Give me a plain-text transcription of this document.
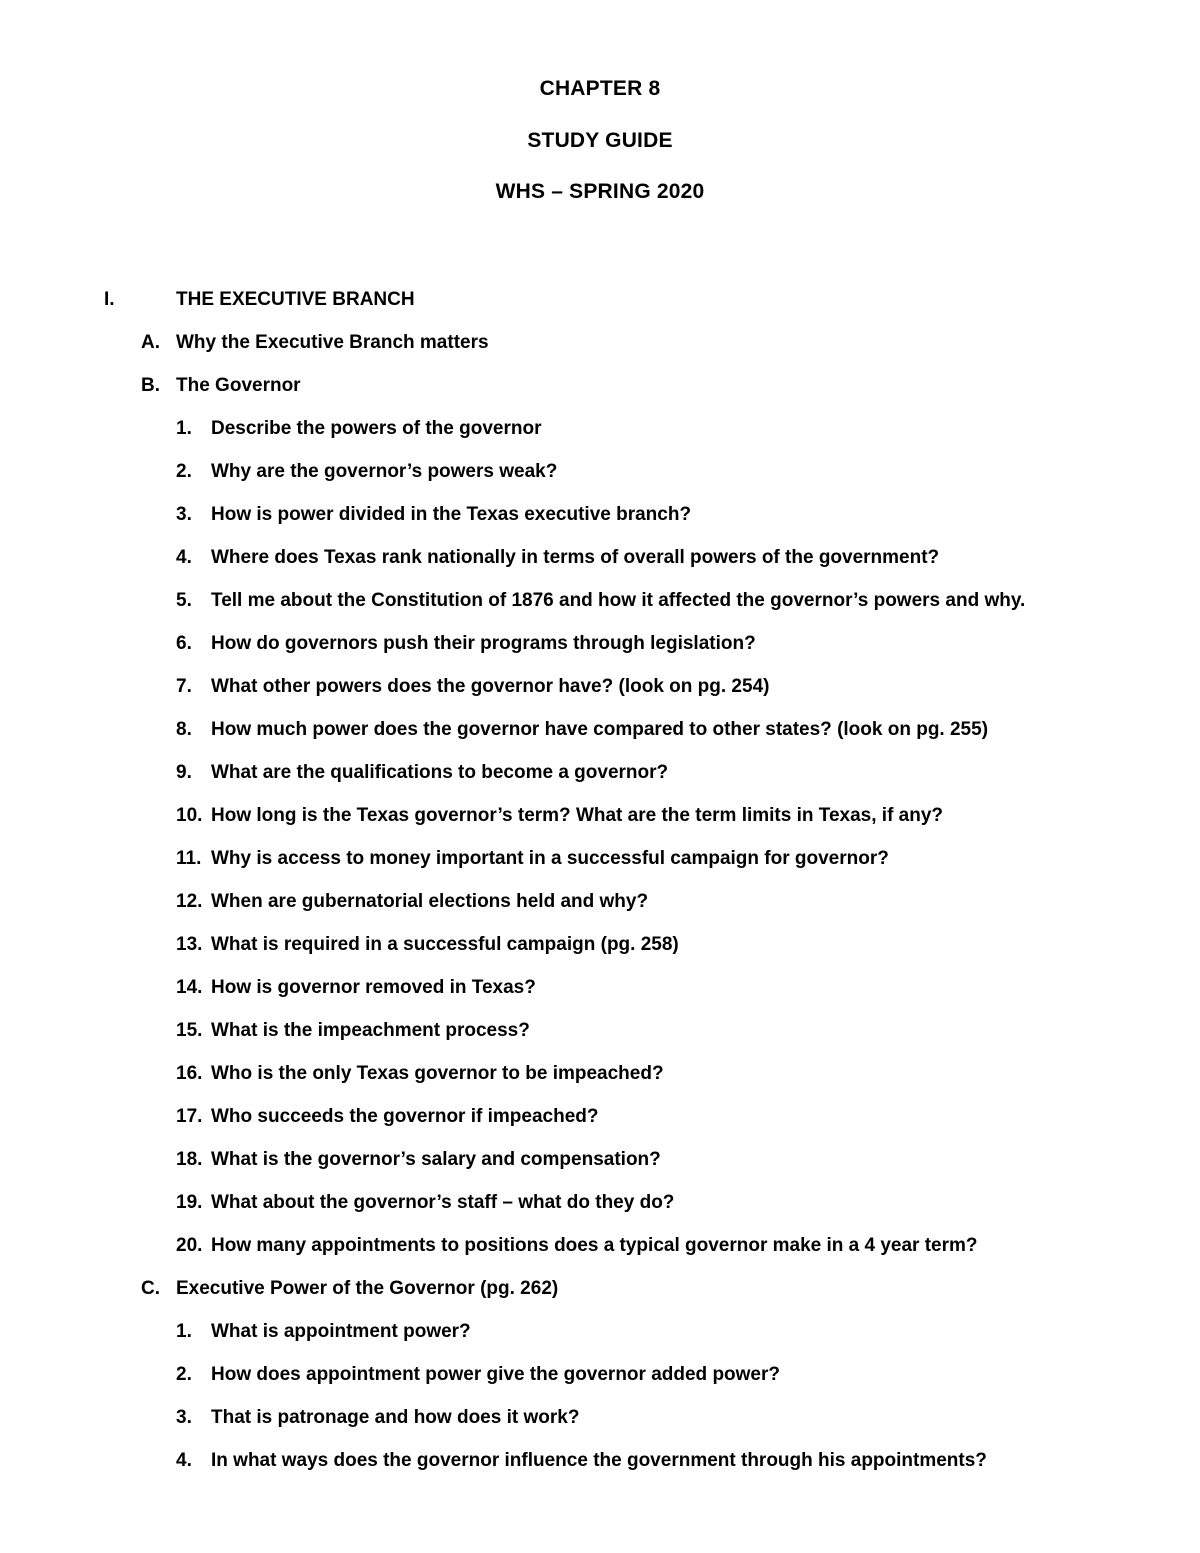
CHAPTER 8
STUDY GUIDE
WHS – SPRING 2020
I.	THE EXECUTIVE BRANCH
A. Why the Executive Branch matters
B. The Governor
1. Describe the powers of the governor
2. Why are the governor’s powers weak?
3. How is power divided in the Texas executive branch?
4. Where does Texas rank nationally in terms of overall powers of the government?
5. Tell me about the Constitution of 1876 and how it affected the governor’s powers and why.
6. How do governors push their programs through legislation?
7. What other powers does the governor have? (look on pg. 254)
8. How much power does the governor have compared to other states? (look on pg. 255)
9. What are the qualifications to become a governor?
10. How long is the Texas governor’s term? What are the term limits in Texas, if any?
11. Why is access to money important in a successful campaign for governor?
12. When are gubernatorial elections held and why?
13. What is required in a successful campaign (pg. 258)
14. How is governor removed in Texas?
15. What is the impeachment process?
16. Who is the only Texas governor to be impeached?
17. Who succeeds the governor if impeached?
18. What is the governor’s salary and compensation?
19. What about the governor’s staff – what do they do?
20. How many appointments to positions does a typical governor make in a 4 year term?
C. Executive Power of the Governor (pg. 262)
1. What is appointment power?
2. How does appointment power give the governor added power?
3. That is patronage and how does it work?
4. In what ways does the governor influence the government through his appointments?
